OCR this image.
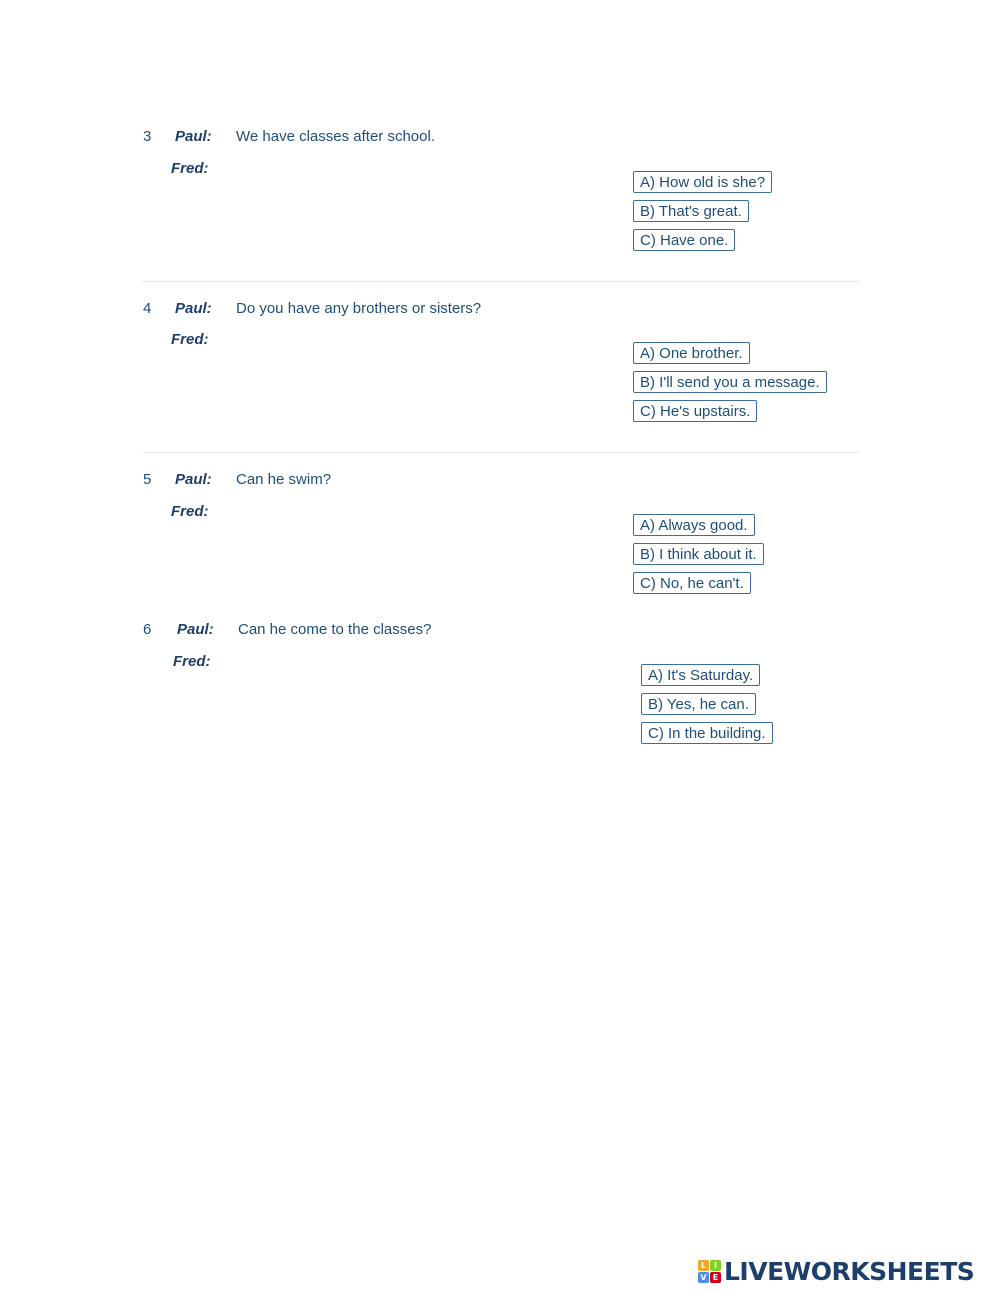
3 Paul: We have classes after school.
Fred:
A) How old is she?
B) That's great.
C) Have one.
4 Paul: Do you have any brothers or sisters?
Fred:
A) One brother.
B) I'll send you a message.
C) He's upstairs.
5 Paul: Can he swim?
Fred:
A) Always good.
B) I think about it.
C) No, he can't.
6 Paul: Can he come to the classes?
Fred:
A) It's Saturday.
B) Yes, he can.
C) In the building.
L I
V E LIVEWORKSHEETS
